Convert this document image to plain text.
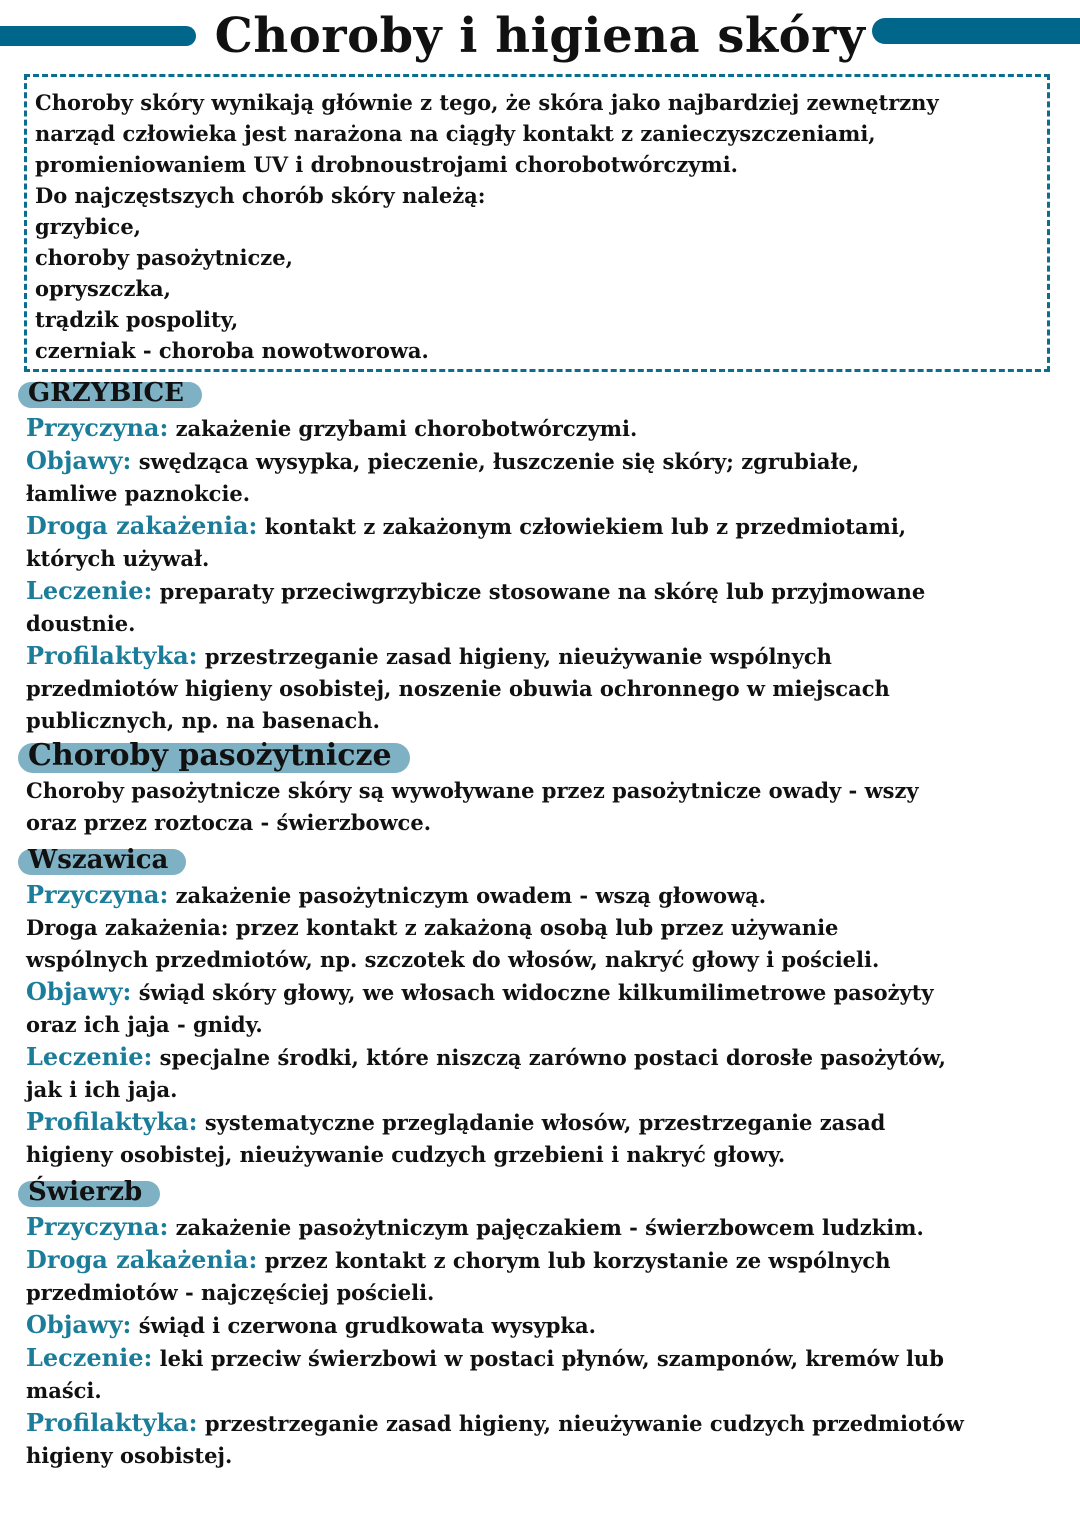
Choroby i higiena skóry

Choroby skóry wynikają głównie z tego, że skóra jako najbardziej zewnętrzny

narząd człowieka jest narażona na ciągły kontakt z zanieczyszczeniami,

promieniowaniem UV i drobnoustrojami chorobotwórczymi.

Do najczęstszych chorób skóry należą:

grzybice,

choroby pasożytnicze,

opryszczka,

trądzik pospolity,

czerniak - choroba nowotworowa.

GRZYBICE

Przyczyna: zakażenie grzybami chorobotwórczymi.

Objawy: swędząca wysypka, pieczenie, łuszczenie się skóry; zgrubiałe,
łamliwe paznokcie.

Droga zakażenia: kontakt z zakażonym człowiekiem lub z przedmiotami,
których używał.

Leczenie: preparaty przeciwgrzybicze stosowane na skórę lub przyjmowane
doustnie.

Profilaktyka: przestrzeganie zasad higieny, nieużywanie wspólnych
przedmiotów higieny osobistej, noszenie obuwia ochronnego w miejscach
publicznych, np. na basenach.

Choroby pasożytnicze

Choroby pasożytnicze skóry są wywoływane przez pasożytnicze owady - wszy
oraz przez roztocza - świerzbowce.

Wszawica

Przyczyna: zakażenie pasożytniczym owadem - wszą głowową.

Droga zakażenia: przez kontakt z zakażoną osobą lub przez używanie
wspólnych przedmiotów, np. szczotek do włosów, nakryć głowy i pościeli.

Objawy: świąd skóry głowy, we włosach widoczne kilkumilimetrowe pasożyty
oraz ich jaja - gnidy.

Leczenie: specjalne środki, które niszczą zarówno postaci dorosłe pasożytów,
jak i ich jaja.

Profilaktyka: systematyczne przeglądanie włosów, przestrzeganie zasad
higieny osobistej, nieużywanie cudzych grzebieni i nakryć głowy.

Świerzb

Przyczyna: zakażenie pasożytniczym pajęczakiem - świerzbowcem ludzkim.

Droga zakażenia: przez kontakt z chorym lub korzystanie ze wspólnych
przedmiotów - najczęściej pościeli.

Objawy: świąd i czerwona grudkowata wysypka.

Leczenie: leki przeciw świerzbowi w postaci płynów, szamponów, kremów lub
maści.

Profilaktyka: przestrzeganie zasad higieny, nieużywanie cudzych przedmiotów
higieny osobistej.
